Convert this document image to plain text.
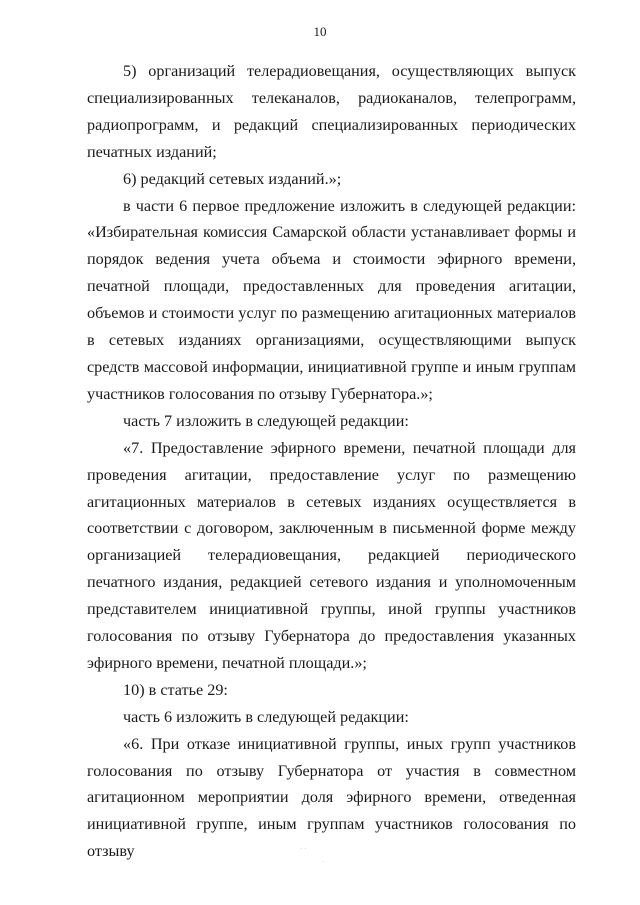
10

5) организаций телерадиовещания, осуществляющих выпуск специализированных телеканалов, радиоканалов, телепрограмм, радиопрограмм, и редакций специализированных периодических печатных изданий;

6) редакций сетевых изданий.»;

в части 6 первое предложение изложить в следующей редакции: «Избирательная комиссия Самарской области устанавливает формы и порядок ведения учета объема и стоимости эфирного времени, печатной площади, предоставленных для проведения агитации, объемов и стоимости услуг по размещению агитационных материалов в сетевых изданиях организациями, осуществляющими выпуск средств массовой информации, инициативной группе и иным группам участников голосования по отзыву Губернатора.»;

часть 7 изложить в следующей редакции:

«7. Предоставление эфирного времени, печатной площади для проведения агитации, предоставление услуг по размещению агитационных материалов в сетевых изданиях осуществляется в соответствии с договором, заключенным в письменной форме между организацией телерадиовещания, редакцией периодического печатного издания, редакцией сетевого издания и уполномоченным представителем инициативной группы, иной группы участников голосования по отзыву Губернатора до предоставления указанных эфирного времени, печатной площади.»;

10) в статье 29:

часть 6 изложить в следующей редакции:

«6. При отказе инициативной группы, иных групп участников голосования по отзыву Губернатора от участия в совместном агитационном мероприятии доля эфирного времени, отведенная инициативной группе, иным группам участников голосования по отзыву	· ·
·
